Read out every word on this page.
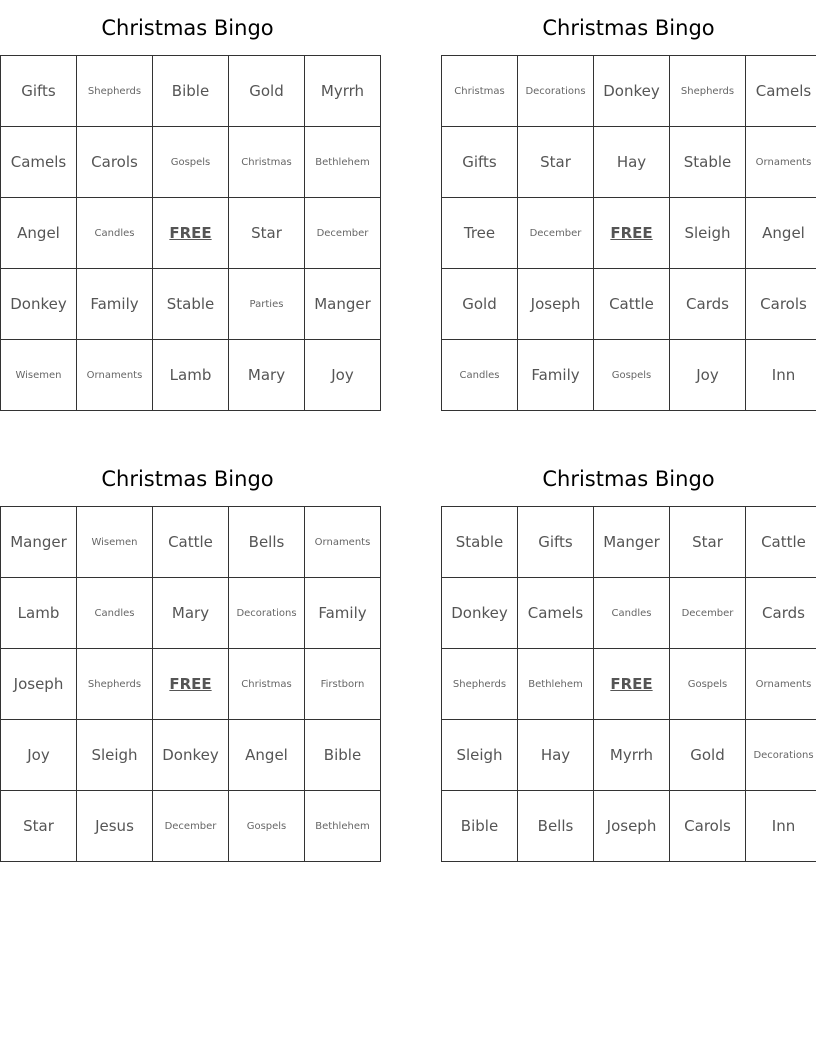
Christmas Bingo
Gifts	Shepherds	Bible	Gold	Myrrh
Camels	Carols	Gospels	Christmas	Bethlehem
Angel	Candles	FREE	Star	December
Donkey	Family	Stable	Parties	Manger
Wisemen	Ornaments	Lamb	Mary	Joy
Christmas Bingo
Christmas	Decorations	Donkey	Shepherds	Camels
Gifts	Star	Hay	Stable	Ornaments
Tree	December	FREE	Sleigh	Angel
Gold	Joseph	Cattle	Cards	Carols
Candles	Family	Gospels	Joy	Inn
Christmas Bingo
Manger	Wisemen	Cattle	Bells	Ornaments
Lamb	Candles	Mary	Decorations	Family
Joseph	Shepherds	FREE	Christmas	Firstborn
Joy	Sleigh	Donkey	Angel	Bible
Star	Jesus	December	Gospels	Bethlehem
Christmas Bingo
Stable	Gifts	Manger	Star	Cattle
Donkey	Camels	Candles	December	Cards
Shepherds	Bethlehem	FREE	Gospels	Ornaments
Sleigh	Hay	Myrrh	Gold	Decorations
Bible	Bells	Joseph	Carols	Inn
